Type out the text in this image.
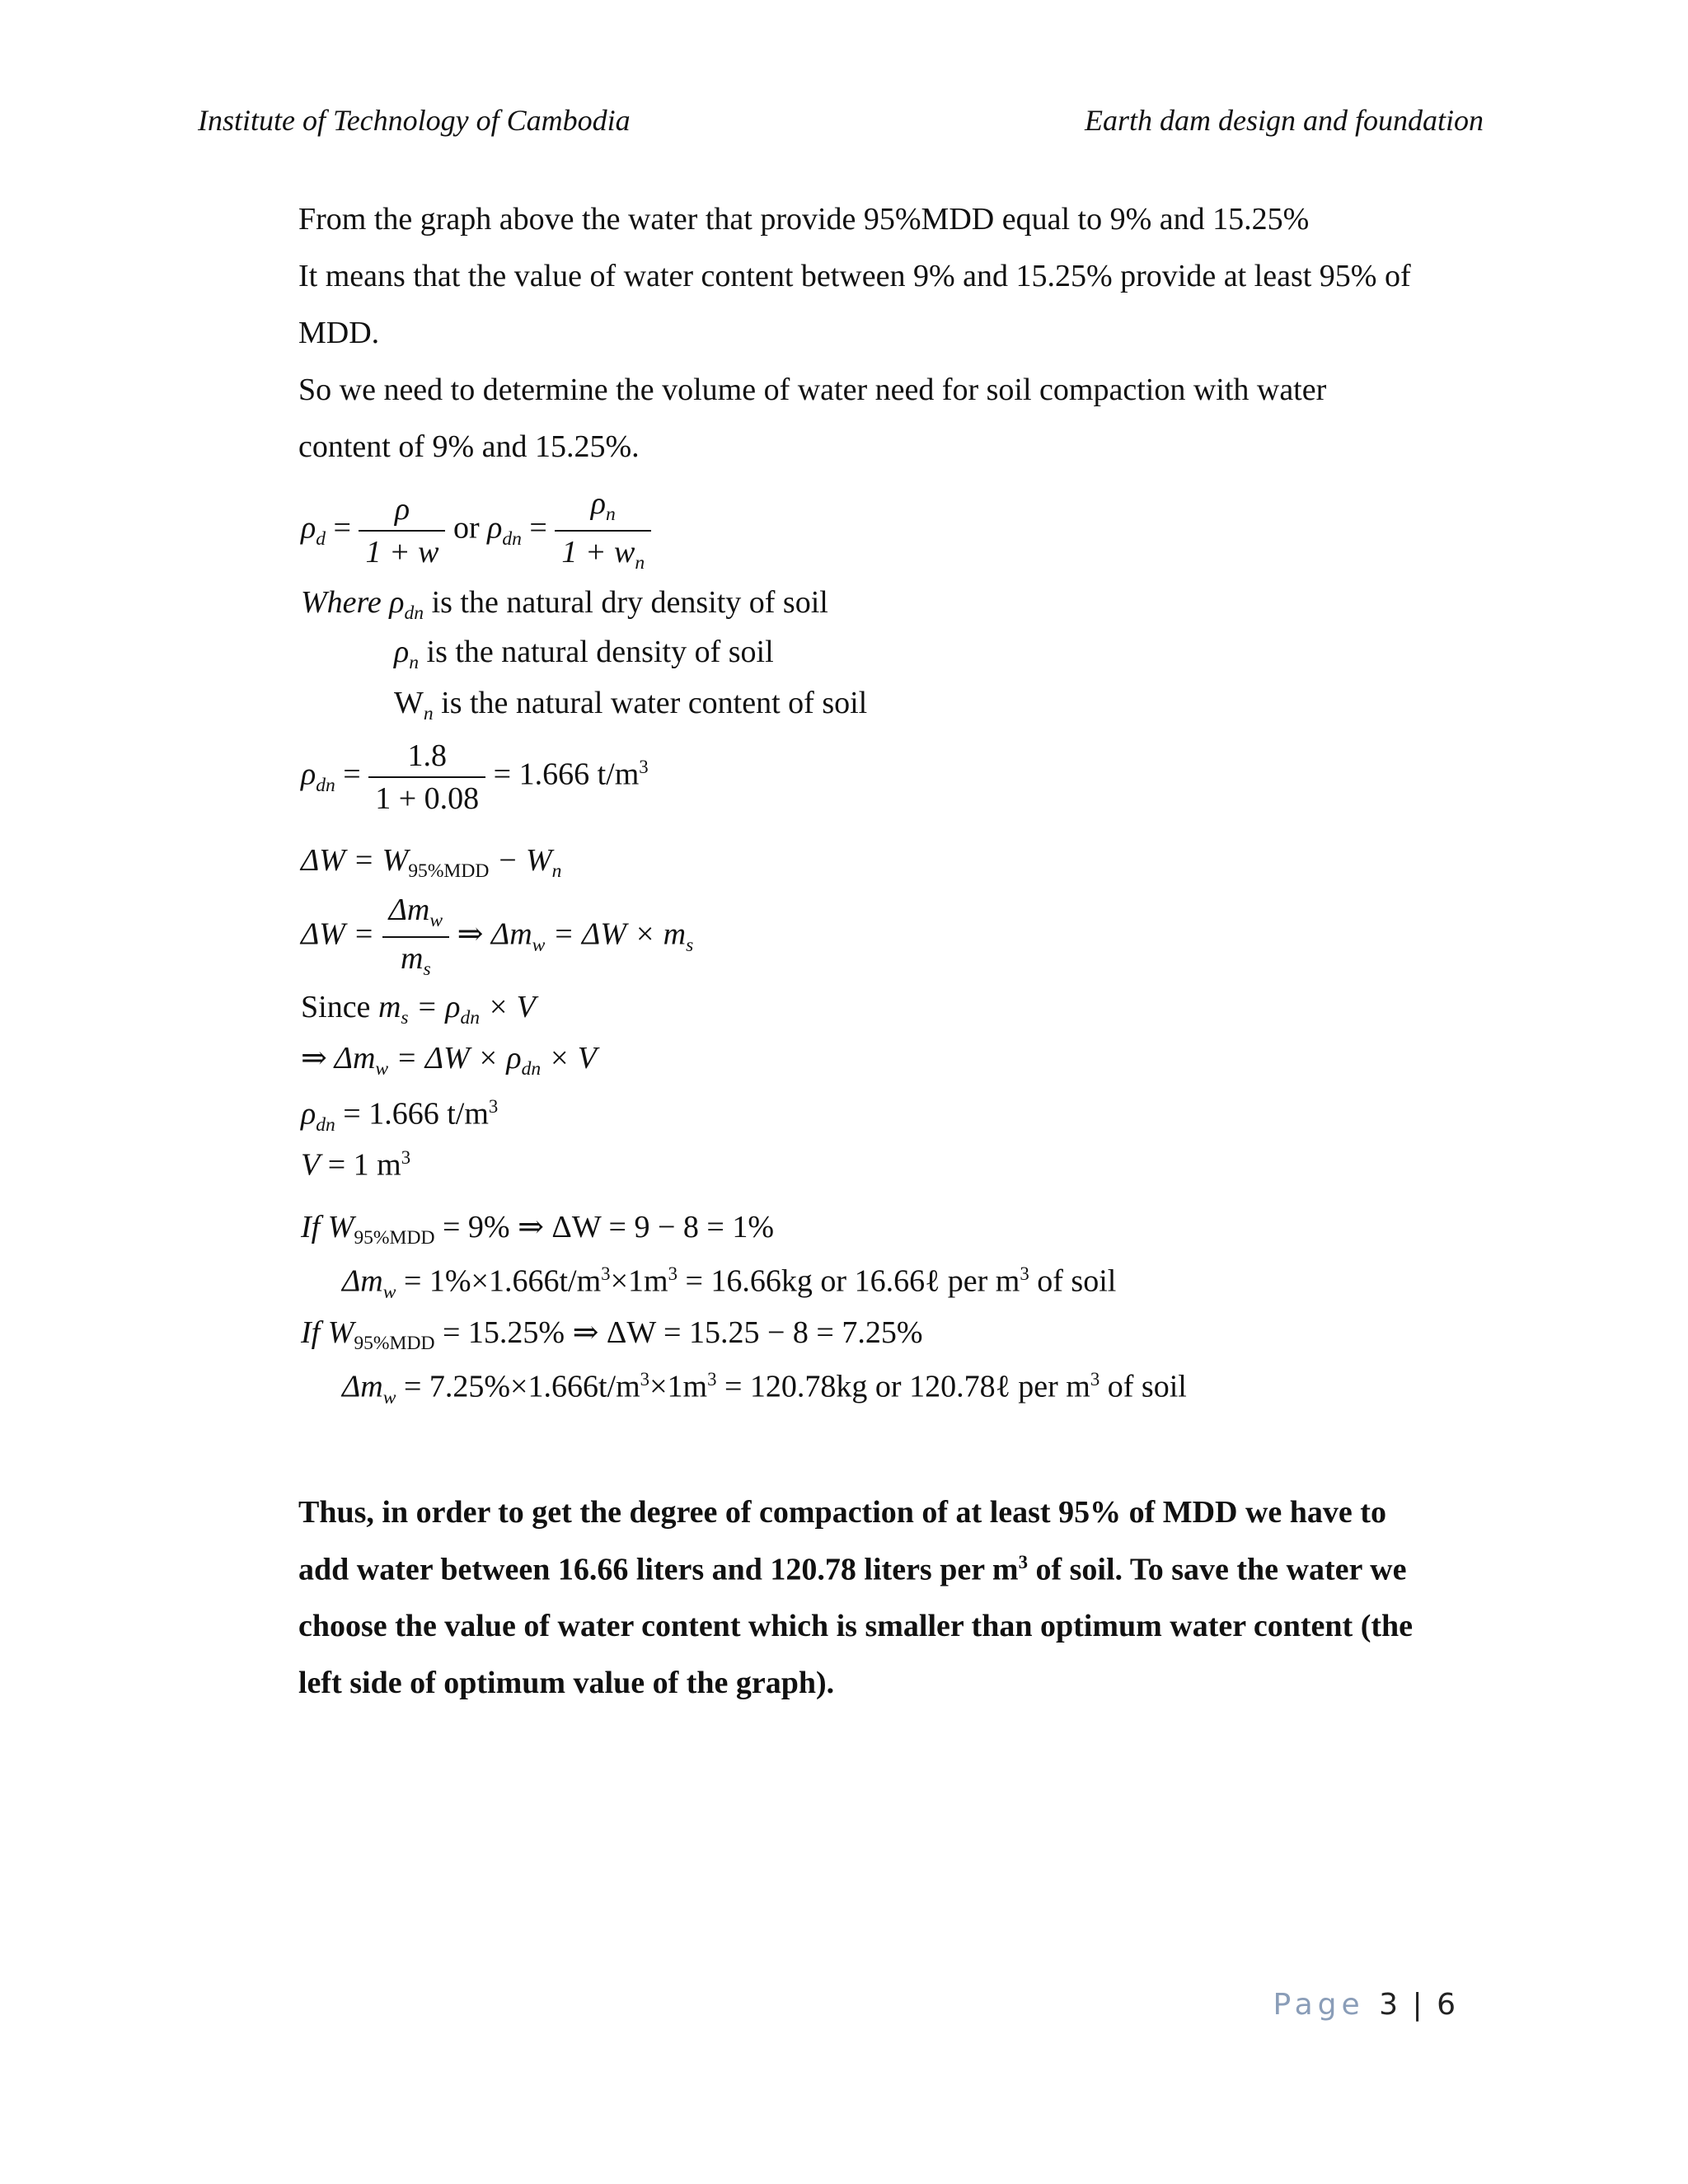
Institute of Technology of Cambodia	Earth dam design and foundation
From the graph above the water that provide 95%MDD equal to 9% and 15.25%
It means that the value of water content between 9% and 15.25% provide at least 95% of
MDD.
So we need to determine the volume of water need for soil compaction with water
content of 9% and 15.25%.
$\rho_d = \frac{\rho}{1 + w}$ or $\rho_{dn} = \frac{\rho_n}{1 + w_n}$
Where $\rho_{dn}$ is the natural dry density of soil
$\rho_n$ is the natural density of soil
$W_n$ is the natural water content of soil
$\rho_{dn} = \frac{1.8}{1 + 0.08} = 1.666$ $t/m^3$
$\Delta W = W_{95\%MDD} - W_n$
$\Delta W = \frac{\Delta m_w}{m_s}$ ⇒ $\Delta m_w = \Delta W \times m_s$
Since $m_s = \rho_{dn} \times V$
⇒ $\Delta m_w = \Delta W \times \rho_{dn} \times V$
$\rho_{dn} = 1.666$ $t/m^3$
V = 1 $m^3$
If $W_{95\%MDD} = 9\%$ ⇒ ΔW = 9 − 8 = 1%
$\Delta m_w = 1\%\times 1.666t/m^3\times 1m^3 = 16.66kg$ or 16.66ℓ per $m^3$ of soil
If $W_{95\%MDD} = 15.25\%$ ⇒ ΔW = 15.25 − 8 = 7.25%
$\Delta m_w = 7.25\%\times 1.666t/m^3\times 1m^3 = 120.78kg$ or 120.78ℓ per $m^3$ of soil
Thus, in order to get the degree of compaction of at least 95% of MDD we have to
add water between 16.66 liters and 120.78 liters per $m^3$ of soil. To save the water we
choose the value of water content which is smaller than optimum water content (the
left side of optimum value of the graph).
Page 3 | 6
